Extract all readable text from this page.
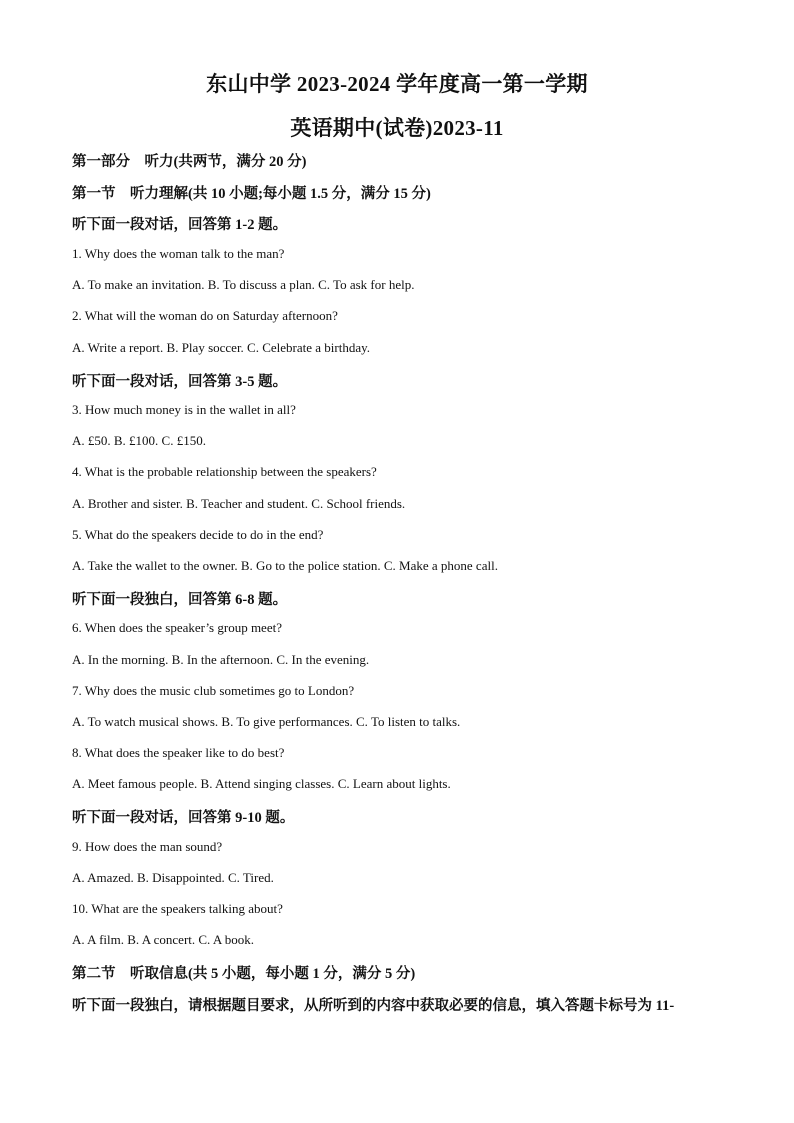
东山中学 2023-2024 学年度高一第一学期
英语期中(试卷)2023-11
第一部分　听力(共两节，满分 20 分)
第一节　听力理解(共 10 小题;每小题 1.5 分，满分 15 分)
听下面一段对话，回答第 1-2 题。
1. Why does the woman talk to the man?
A. To make an invitation. B. To discuss a plan. C. To ask for help.
2. What will the woman do on Saturday afternoon?
A. Write a report. B. Play soccer. C. Celebrate a birthday.
听下面一段对话，回答第 3-5 题。
3. How much money is in the wallet in all?
A. £50. B. £100. C. £150.
4. What is the probable relationship between the speakers?
A. Brother and sister. B. Teacher and student. C. School friends.
5. What do the speakers decide to do in the end?
A. Take the wallet to the owner. B. Go to the police station. C. Make a phone call.
听下面一段独白，回答第 6-8 题。
6. When does the speaker’s group meet?
A. In the morning. B. In the afternoon. C. In the evening.
7. Why does the music club sometimes go to London?
A. To watch musical shows. B. To give performances. C. To listen to talks.
8. What does the speaker like to do best?
A. Meet famous people. B. Attend singing classes. C. Learn about lights.
听下面一段对话，回答第 9-10 题。
9. How does the man sound?
A. Amazed. B. Disappointed. C. Tired.
10. What are the speakers talking about?
A. A film. B. A concert. C. A book.
第二节　听取信息(共 5 小题，每小题 1 分，满分 5 分)
听下面一段独白，请根据题目要求，从所听到的内容中获取必要的信息，填入答题卡标号为 11-
